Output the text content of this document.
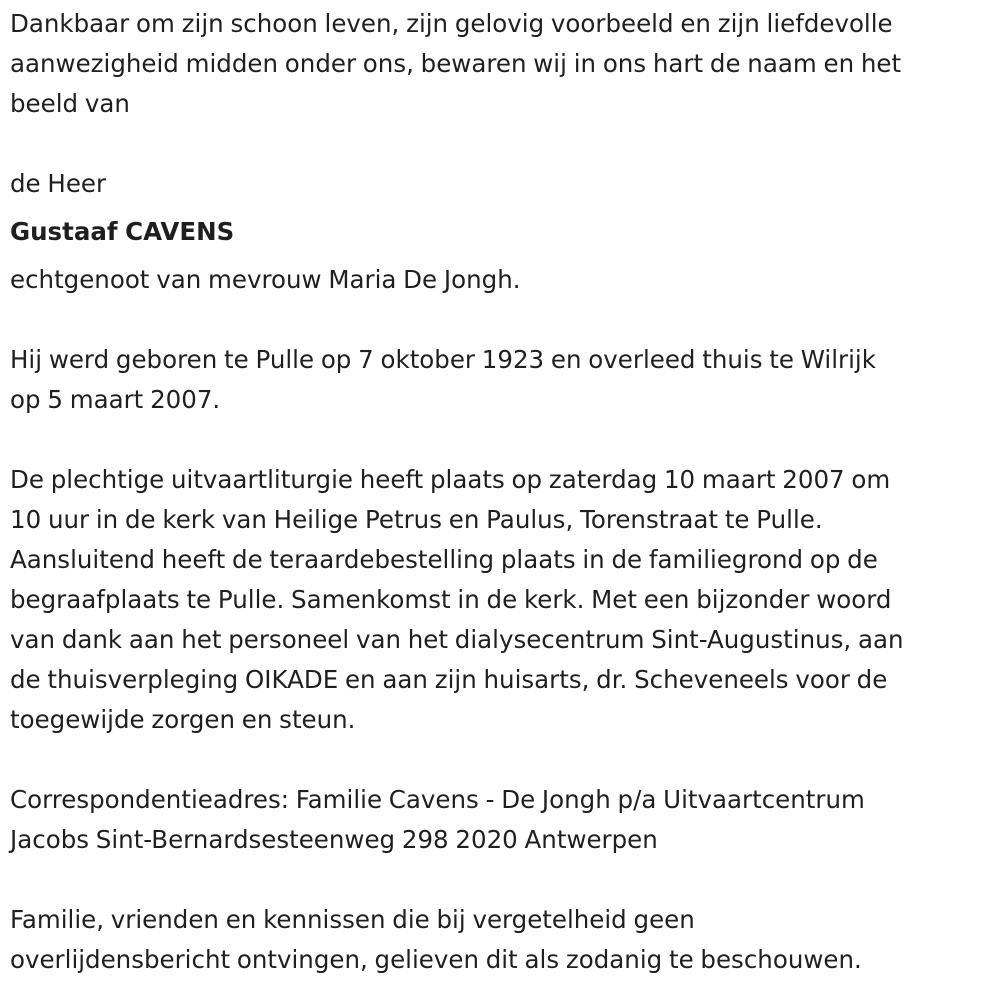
Dankbaar om zijn schoon leven, zijn gelovig voorbeeld en zijn liefdevolle
aanwezigheid midden onder ons, bewaren wij in ons hart de naam en het
beeld van

de Heer

Gustaaf CAVENS

echtgenoot van mevrouw Maria De Jongh.

Hij werd geboren te Pulle op 7 oktober 1923 en overleed thuis te Wilrijk
op 5 maart 2007.

De plechtige uitvaartliturgie heeft plaats op zaterdag 10 maart 2007 om
10 uur in de kerk van Heilige Petrus en Paulus, Torenstraat te Pulle.
Aansluitend heeft de teraardebestelling plaats in de familiegrond op de
begraafplaats te Pulle. Samenkomst in de kerk. Met een bijzonder woord
van dank aan het personeel van het dialysecentrum Sint-Augustinus, aan
de thuisverpleging OIKADE en aan zijn huisarts, dr. Scheveneels voor de
toegewijde zorgen en steun.

Correspondentieadres: Familie Cavens - De Jongh p/a Uitvaartcentrum
Jacobs Sint-Bernardsesteenweg 298 2020 Antwerpen

Familie, vrienden en kennissen die bij vergetelheid geen
overlijdensbericht ontvingen, gelieven dit als zodanig te beschouwen.
